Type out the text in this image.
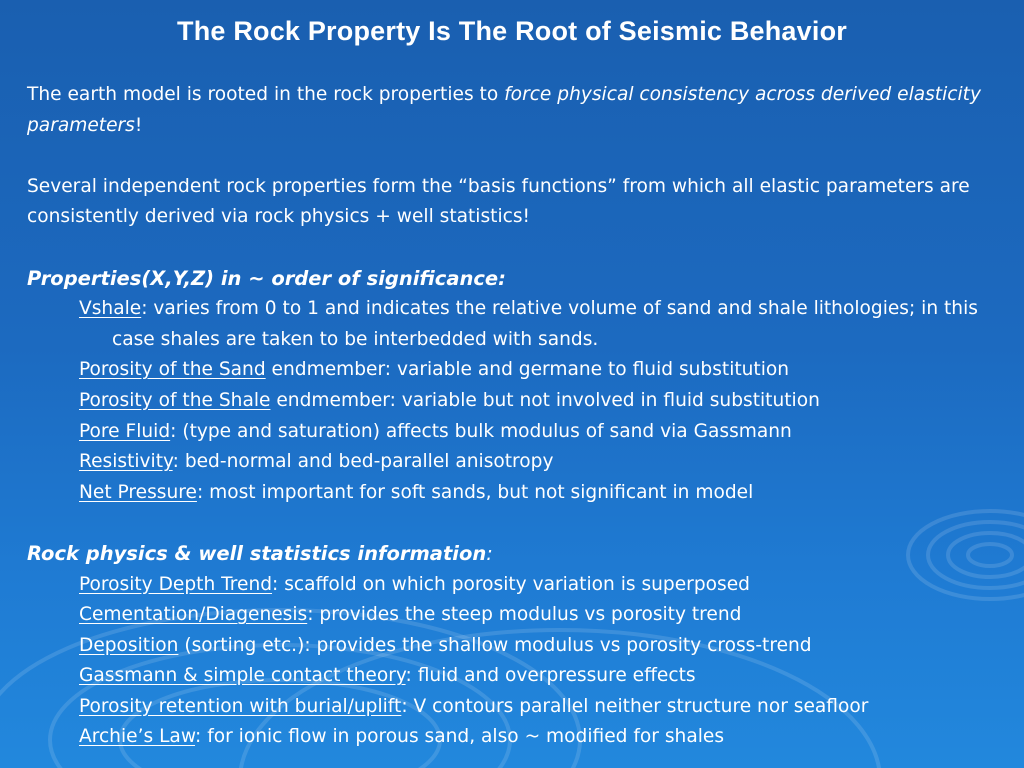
The Rock Property Is The Root of Seismic Behavior

The earth model is rooted in the rock properties to force physical consistency across derived elasticity parameters!

Several independent rock properties form the “basis functions” from which all elastic parameters are consistently derived via rock physics + well statistics!

Properties(X,Y,Z) in ~ order of significance:

Vshale: varies from 0 to 1 and indicates the relative volume of sand and shale lithologies; in this case shales are taken to be interbedded with sands.
Porosity of the Sand endmember: variable and germane to fluid substitution
Porosity of the Shale endmember: variable but not involved in fluid substitution
Pore Fluid: (type and saturation) affects bulk modulus of sand via Gassmann
Resistivity: bed-normal and bed-parallel anisotropy
Net Pressure: most important for soft sands, but not significant in model

Rock physics & well statistics information:

Porosity Depth Trend: scaffold on which porosity variation is superposed
Cementation/Diagenesis: provides the steep modulus vs porosity trend
Deposition (sorting etc.): provides the shallow modulus vs porosity cross-trend
Gassmann & simple contact theory: fluid and overpressure effects
Porosity retention with burial/uplift: V contours parallel neither structure nor seafloor
Archie’s Law: for ionic flow in porous sand, also ~ modified for shales
